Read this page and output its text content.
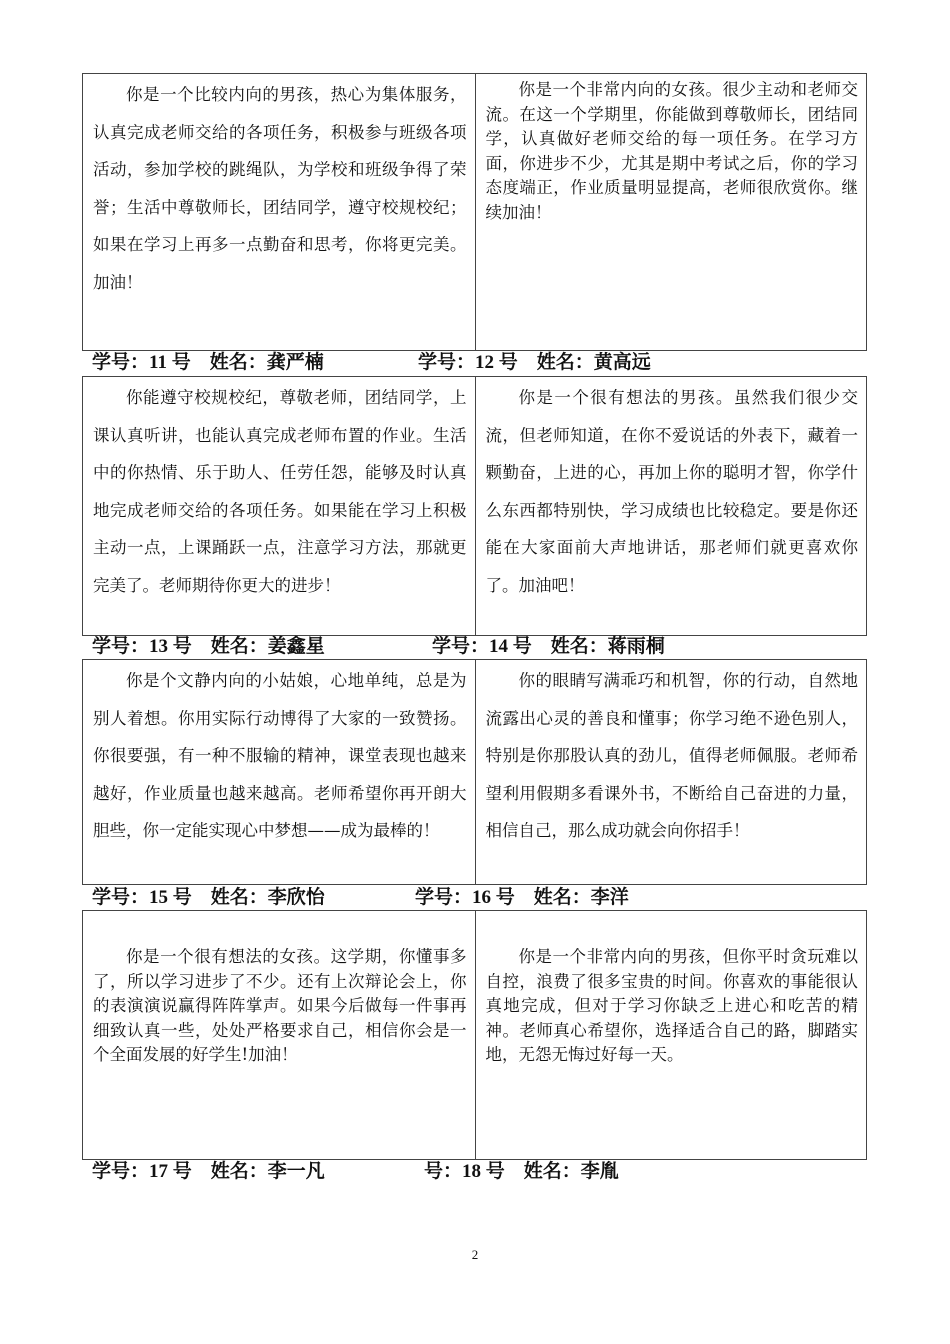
你是一个比较内向的男孩，热心为集体服务，认真完成老师交给的各项任务，积极参与班级各项活动，参加学校的跳绳队，为学校和班级争得了荣誉；生活中尊敬师长，团结同学，遵守校规校纪；如果在学习上再多一点勤奋和思考，你将更完美。加油！
你是一个非常内向的女孩。很少主动和老师交流。在这一个学期里，你能做到尊敬师长，团结同学，认真做好老师交给的每一项任务。在学习方面，你进步不少，尤其是期中考试之后，你的学习态度端正，作业质量明显提高，老师很欣赏你。继续加油！
学号：11 号　姓名：龚严楠	学号：12 号　姓名：黄高远
你能遵守校规校纪，尊敬老师，团结同学，上课认真听讲，也能认真完成老师布置的作业。生活中的你热情、乐于助人、任劳任怨，能够及时认真地完成老师交给的各项任务。如果能在学习上积极主动一点，上课踊跃一点，注意学习方法，那就更完美了。老师期待你更大的进步！
你是一个很有想法的男孩。虽然我们很少交流，但老师知道，在你不爱说话的外表下，藏着一颗勤奋，上进的心，再加上你的聪明才智，你学什么东西都特别快，学习成绩也比较稳定。要是你还能在大家面前大声地讲话，那老师们就更喜欢你了。加油吧！
学号：13 号　姓名：姜鑫星	学号：14 号　姓名：蒋雨桐
你是个文静内向的小姑娘，心地单纯，总是为别人着想。你用实际行动博得了大家的一致赞扬。你很要强，有一种不服输的精神，课堂表现也越来越好，作业质量也越来越高。老师希望你再开朗大胆些，你一定能实现心中梦想——成为最棒的！
你的眼睛写满乖巧和机智，你的行动，自然地流露出心灵的善良和懂事；你学习绝不逊色别人，特别是你那股认真的劲儿，值得老师佩服。老师希望利用假期多看课外书，不断给自己奋进的力量，相信自己，那么成功就会向你招手！
学号：15 号　姓名：李欣怡	学号：16 号　姓名：李洋
你是一个很有想法的女孩。这学期，你懂事多了，所以学习进步了不少。还有上次辩论会上，你的表演演说赢得阵阵掌声。如果今后做每一件事再细致认真一些，处处严格要求自己，相信你会是一个全面发展的好学生!加油！
你是一个非常内向的男孩，但你平时贪玩难以自控，浪费了很多宝贵的时间。你喜欢的事能很认真地完成，但对于学习你缺乏上进心和吃苦的精神。老师真心希望你，选择适合自己的路，脚踏实地，无怨无悔过好每一天。
学号：17 号　姓名：李一凡	号：18 号　姓名：李胤
2
